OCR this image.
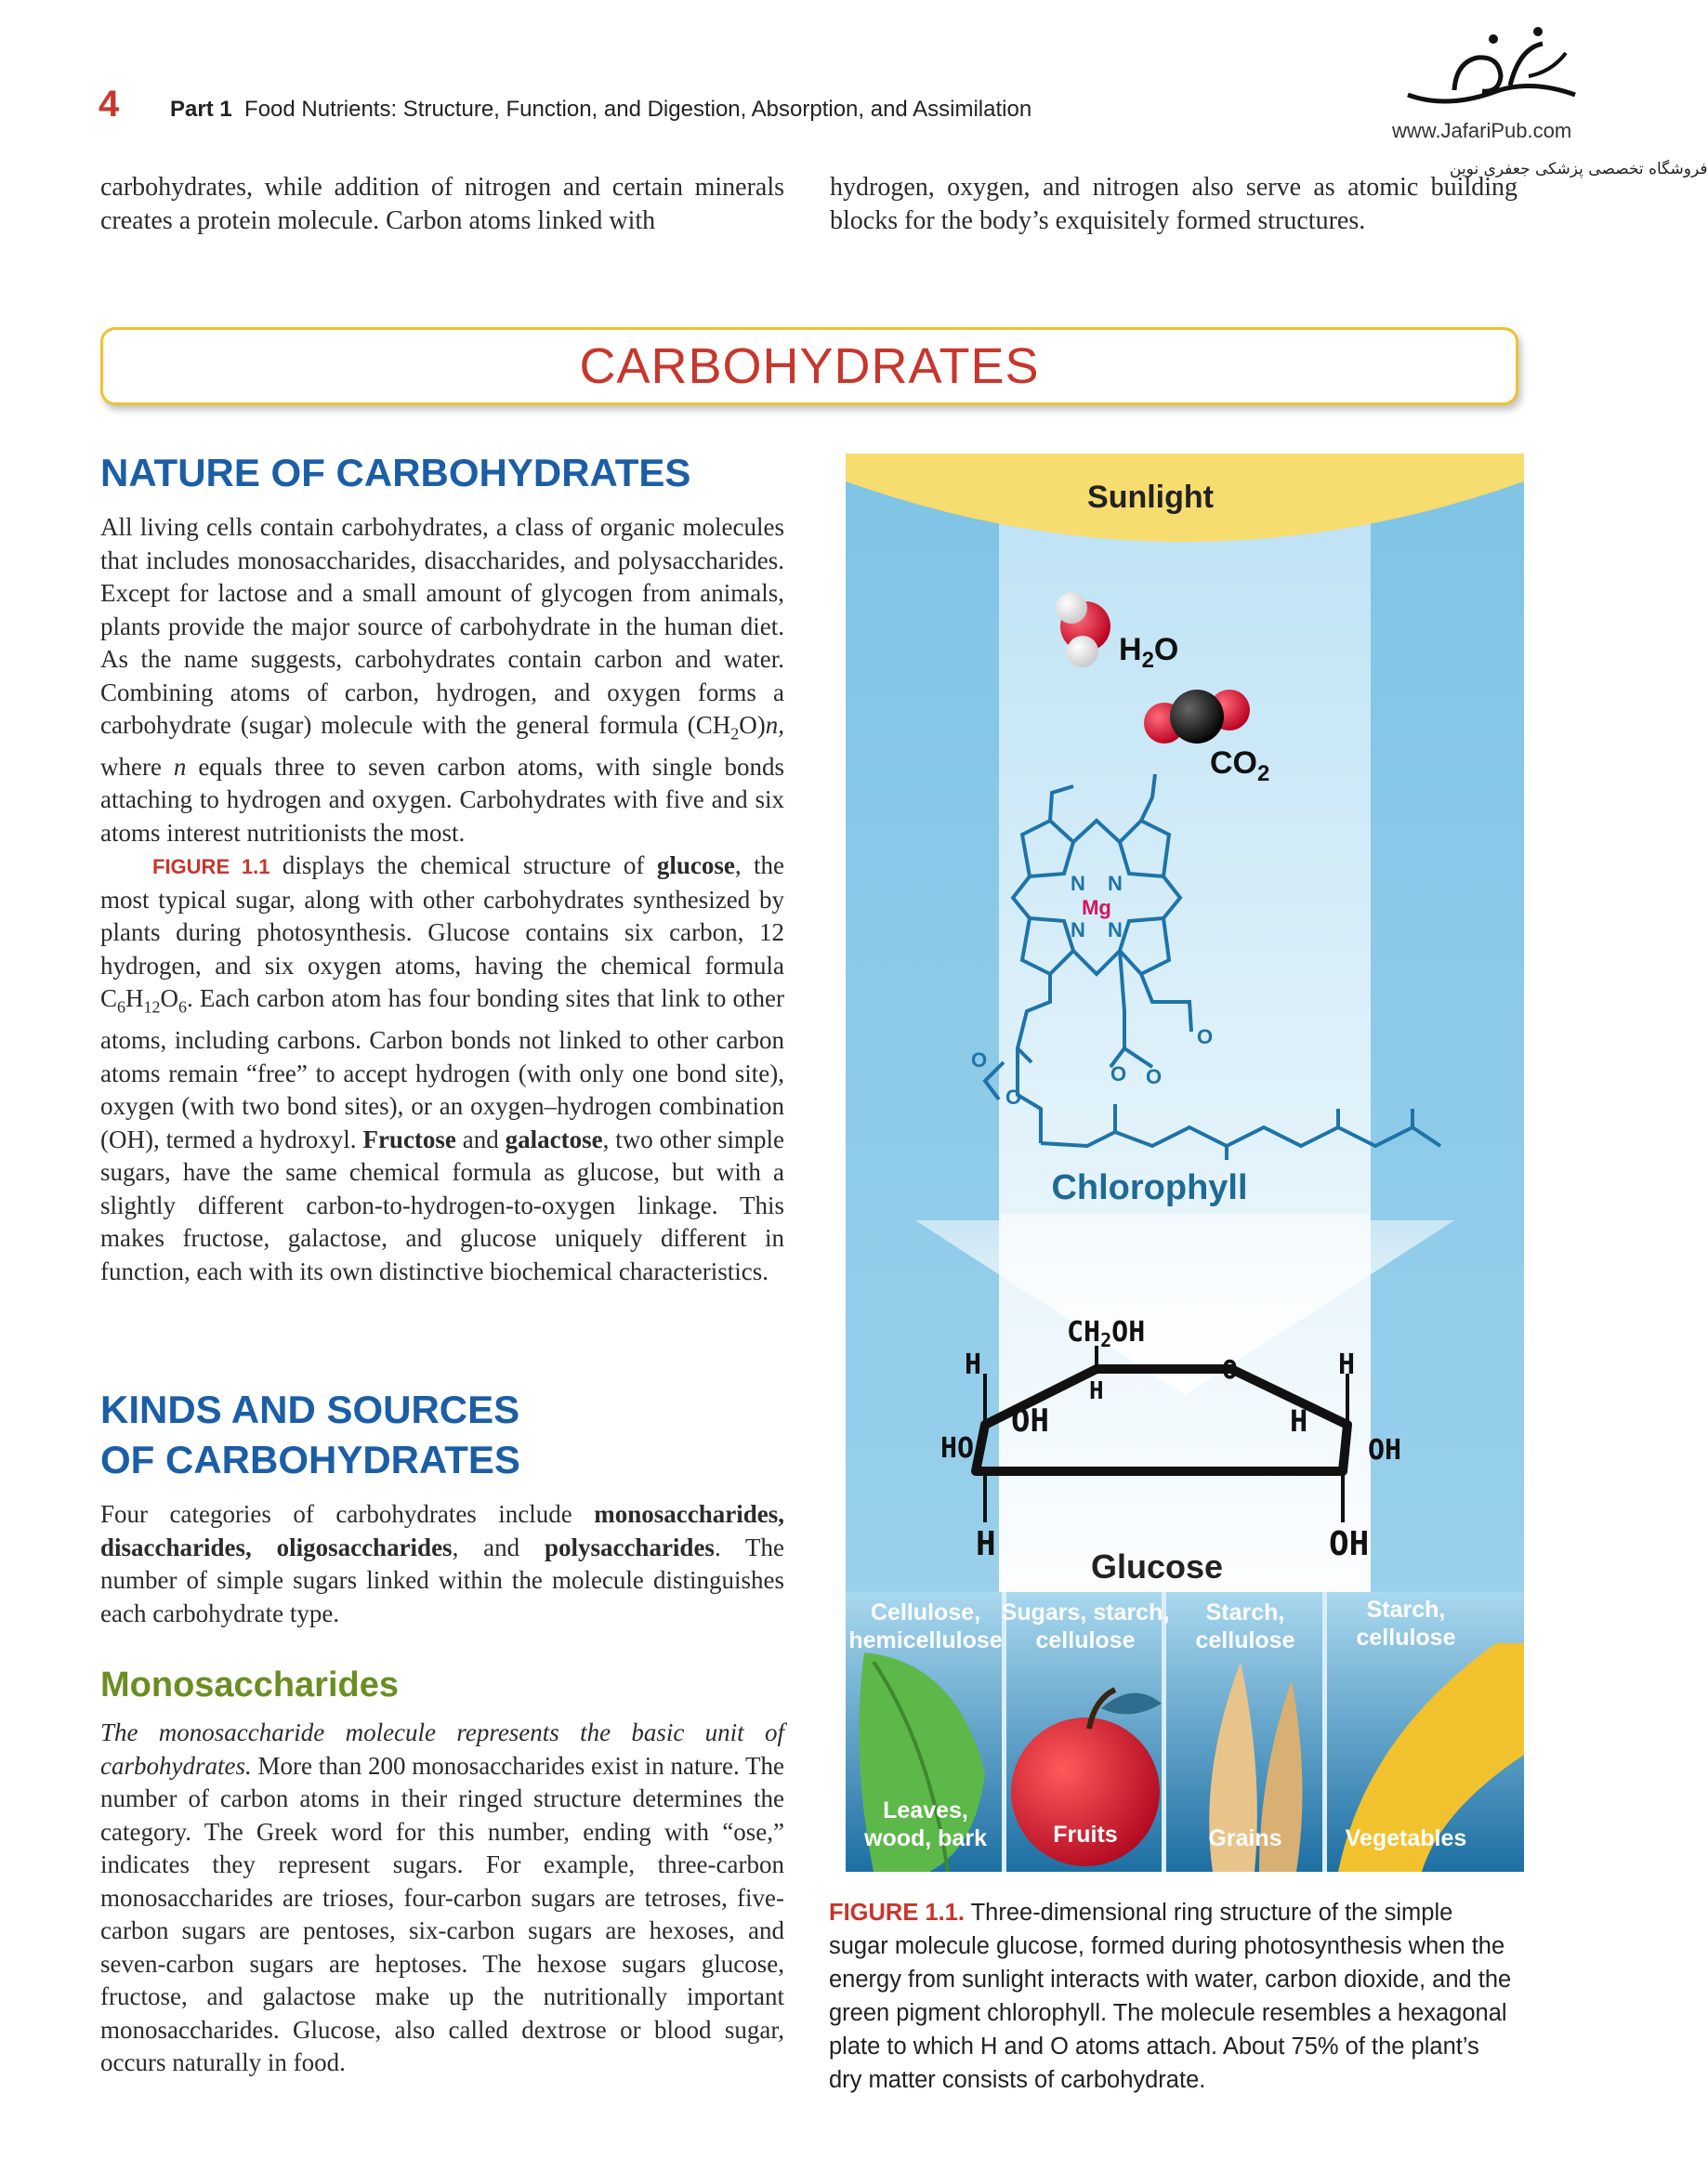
4 Part 1 Food Nutrients: Structure, Function, and Digestion, Absorption, and Assimilation
www.JafariPub.com
فروشگاه تخصصی پزشکی جعفری نوین
carbohydrates, while addition of nitrogen and certain minerals creates a protein molecule. Carbon atoms linked with
hydrogen, oxygen, and nitrogen also serve as atomic building blocks for the body’s exquisitely formed structures.
CARBOHYDRATES
NATURE OF CARBOHYDRATES

All living cells contain carbohydrates, a class of organic molecules that includes monosaccharides, disaccharides, and polysaccharides. Except for lactose and a small amount of glycogen from animals, plants provide the major source of carbohydrate in the human diet. As the name suggests, carbohydrates contain carbon and water. Combining atoms of carbon, hydrogen, and oxygen forms a carbohydrate (sugar) molecule with the general formula $(CH_2O)n$, where n equals three to seven carbon atoms, with single bonds attaching to hydrogen and oxygen. Carbohydrates with five and six atoms interest nutritionists the most.

FIGURE 1.1 displays the chemical structure of glucose, the most typical sugar, along with other carbohydrates synthesized by plants during photosynthesis. Glucose contains six carbon, 12 hydrogen, and six oxygen atoms, having the chemical formula $C_6H_{12}O_6$. Each carbon atom has four bonding sites that link to other atoms, including carbons. Carbon bonds not linked to other carbon atoms remain “free” to accept hydrogen (with only one bond site), oxygen (with two bond sites), or an oxygen–hydrogen combination (OH), termed a hydroxyl. Fructose and galactose, two other simple sugars, have the same chemical formula as glucose, but with a slightly different carbon-to-hydrogen-to-oxygen linkage. This makes fructose, galactose, and glucose uniquely different in function, each with its own distinctive biochemical characteristics.

KINDS AND SOURCES
OF CARBOHYDRATES

Four categories of carbohydrates include monosaccharides, disaccharides, oligosaccharides, and polysaccharides. The number of simple sugars linked within the molecule distinguishes each carbohydrate type.

Monosaccharides

The monosaccharide molecule represents the basic unit of carbohydrates. More than 200 monosaccharides exist in nature. The number of carbon atoms in their ringed structure determines the category. The Greek word for this number, ending with “ose,” indicates they represent sugars. For example, three-carbon monosaccharides are trioses, four-carbon sugars are tetroses, five-carbon sugars are pentoses, six-carbon sugars are hexoses, and seven-carbon sugars are heptoses. The hexose sugars glucose, fructose, and galactose make up the nutritionally important monosaccharides. Glucose, also called dextrose or blood sugar, occurs naturally in food.

Sunlight
$H_2O$
$CO_2$
N N
N N
Mg
O
O O
O
O
Chlorophyll
$CH_2OH$
H
H
O	H
HO
OH	H
OH
H	OH
Glucose
Cellulose,
hemicellulose
Sugars, starch,
cellulose
Starch,
cellulose
Starch,
cellulose
Leaves,
wood, bark	Fruits	Grains	Vegetables
FIGURE 1.1. Three-dimensional ring structure of the simple sugar molecule glucose, formed during photosynthesis when the energy from sunlight interacts with water, carbon dioxide, and the green pigment chlorophyll. The molecule resembles a hexagonal plate to which H and O atoms attach. About 75% of the plant’s dry matter consists of carbohydrate.
